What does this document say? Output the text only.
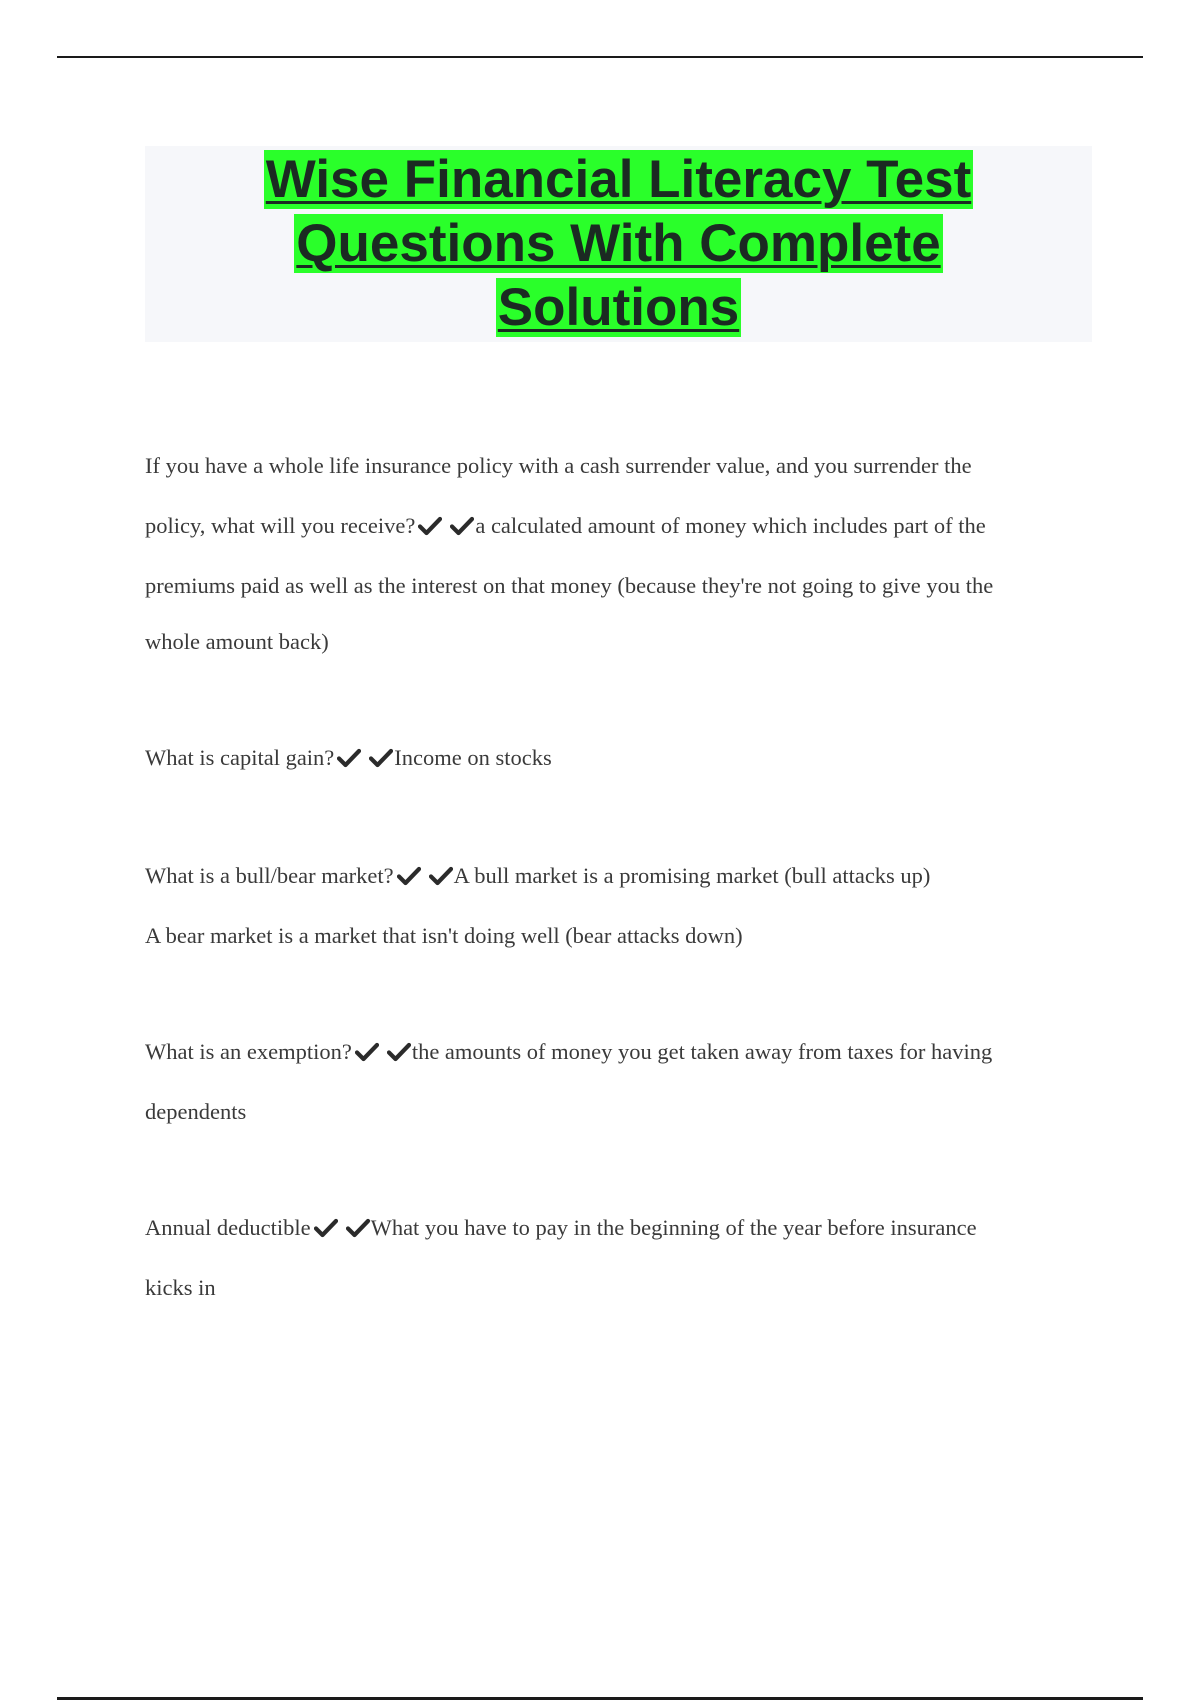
Wise Financial Literacy Test
Questions With Complete
Solutions
If you have a whole life insurance policy with a cash surrender value, and you surrender the
policy, what will you receive?	a calculated amount of money which includes part of the
premiums paid as well as the interest on that money (because they're not going to give you the
whole amount back)
What is capital gain?	Income on stocks
What is a bull/bear market?	A bull market is a promising market (bull attacks up)
A bear market is a market that isn't doing well (bear attacks down)
What is an exemption?	the amounts of money you get taken away from taxes for having
dependents
Annual deductible	What you have to pay in the beginning of the year before insurance
kicks in
